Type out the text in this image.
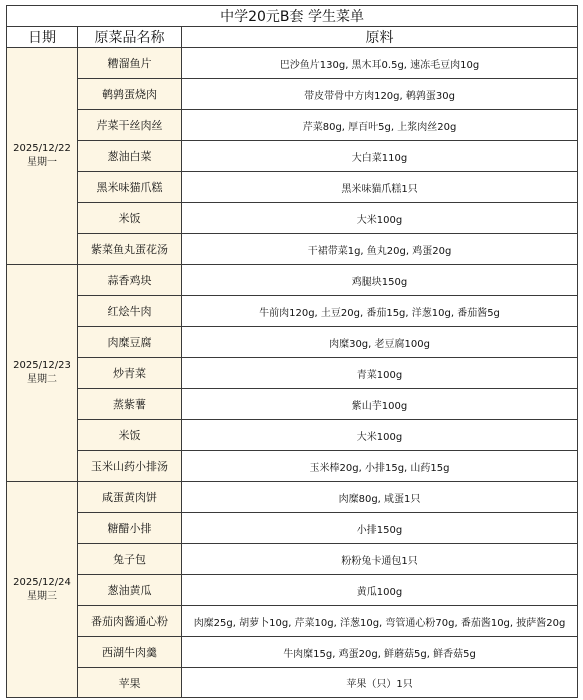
中学20元B套 学生菜单		
日期	原菜品名称	原料

2025/12/22
星期一	糟溜鱼片	巴沙鱼片130g, 黑木耳0.5g, 速冻毛豆肉10g
	鹌鹑蛋烧肉	带皮带骨中方肉120g, 鹌鹑蛋30g
	芹菜干丝肉丝	芹菜80g, 厚百叶5g, 上浆肉丝20g
	葱油白菜	大白菜110g
	黑米味猫爪糕	黑米味猫爪糕1只
	米饭	大米100g
	紫菜鱼丸蛋花汤	干裙带菜1g, 鱼丸20g, 鸡蛋20g

2025/12/23
星期二	蒜香鸡块	鸡腿块150g
	红烩牛肉	牛前肉120g, 土豆20g, 番茄15g, 洋葱10g, 番茄酱5g
	肉糜豆腐	肉糜30g, 老豆腐100g
	炒青菜	青菜100g
	蒸紫薯	紫山芋100g
	米饭	大米100g
	玉米山药小排汤	玉米棒20g, 小排15g, 山药15g

2025/12/24
星期三	咸蛋黄肉饼	肉糜80g, 咸蛋1只
	糖醋小排	小排150g
	兔子包	粉粉兔卡通包1只
	葱油黄瓜	黄瓜100g
	番茄肉酱通心粉	肉糜25g, 胡萝卜10g, 芹菜10g, 洋葱10g, 弯管通心粉70g, 番茄酱10g, 披萨酱20g
	西湖牛肉羹	牛肉糜15g, 鸡蛋20g, 鲜蘑菇5g, 鲜香菇5g
	苹果	苹果（只）1只
